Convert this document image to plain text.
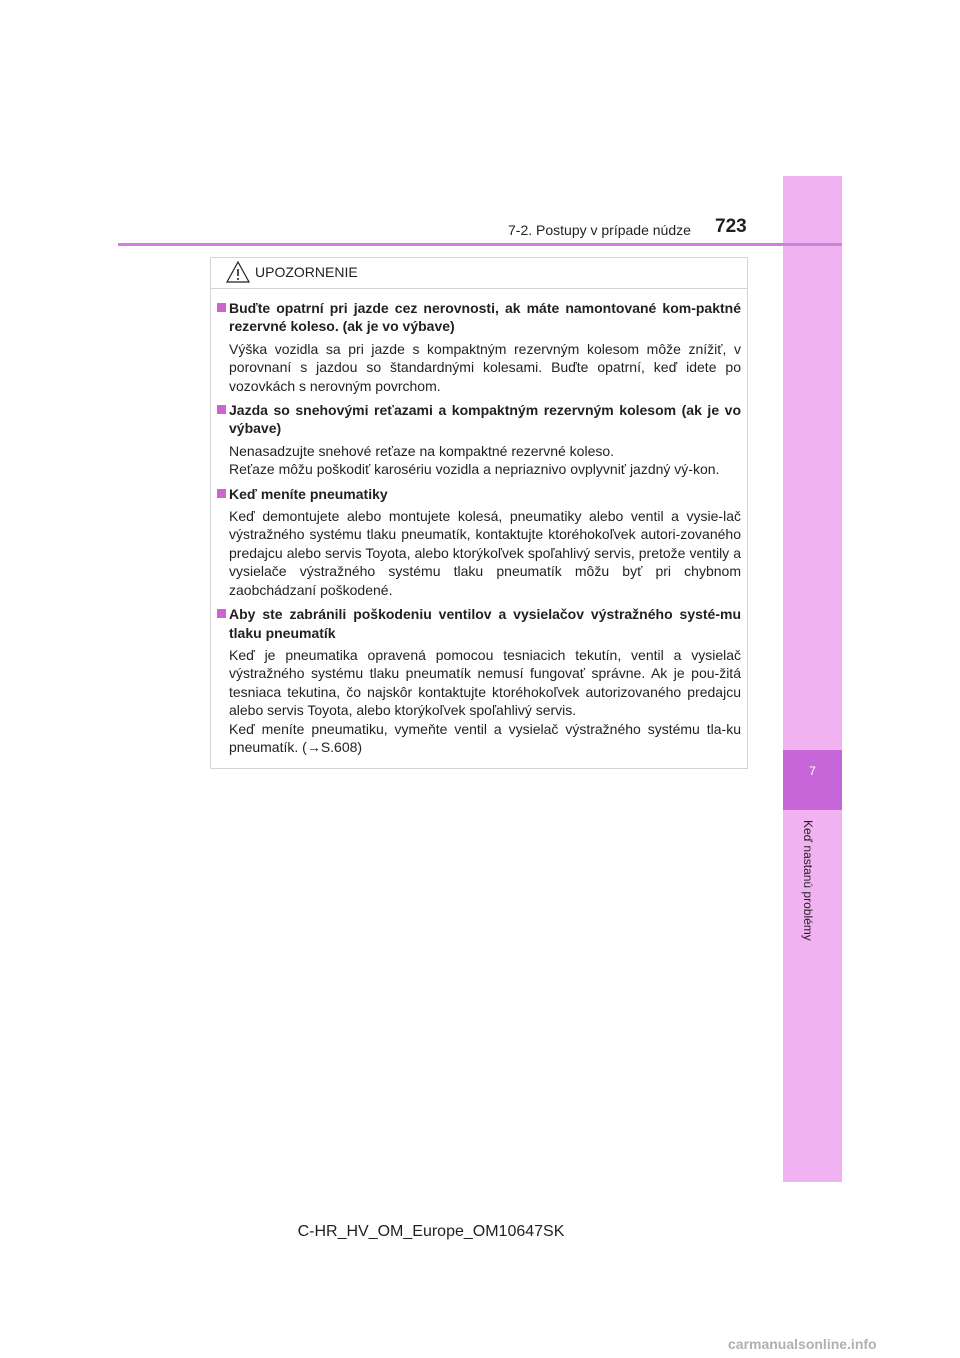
7
Keď nastanú problémy
7-2. Postupy v prípade núdze 723
UPOZORNENIE
Buďte opatrní pri jazde cez nerovnosti, ak máte namontované kom-paktné rezervné koleso. (ak je vo výbave)
Výška vozidla sa pri jazde s kompaktným rezervným kolesom môže znížiť, v porovnaní s jazdou so štandardnými kolesami. Buďte opatrní, keď idete po vozovkách s nerovným povrchom.
Jazda so snehovými reťazami a kompaktným rezervným kolesom (ak je vo výbave)
Nenasadzujte snehové reťaze na kompaktné rezervné koleso.
Reťaze môžu poškodiť karosériu vozidla a nepriaznivo ovplyvniť jazdný vý-kon.
Keď meníte pneumatiky
Keď demontujete alebo montujete kolesá, pneumatiky alebo ventil a vysie-lač výstražného systému tlaku pneumatík, kontaktujte ktoréhokoľvek autori-zovaného predajcu alebo servis Toyota, alebo ktorýkoľvek spoľahlivý servis, pretože ventily a vysielače výstražného systému tlaku pneumatík môžu byť pri chybnom zaobchádzaní poškodené.
Aby ste zabránili poškodeniu ventilov a vysielačov výstražného systé-mu tlaku pneumatík
Keď je pneumatika opravená pomocou tesniacich tekutín, ventil a vysielač výstražného systému tlaku pneumatík nemusí fungovať správne. Ak je pou-žitá tesniaca tekutina, čo najskôr kontaktujte ktoréhokoľvek autorizovaného predajcu alebo servis Toyota, alebo ktorýkoľvek spoľahlivý servis.
Keď meníte pneumatiku, vymeňte ventil a vysielač výstražného systému tla-ku pneumatík. (→S.608)
C-HR_HV_OM_Europe_OM10647SK
carmanualsonline.info
